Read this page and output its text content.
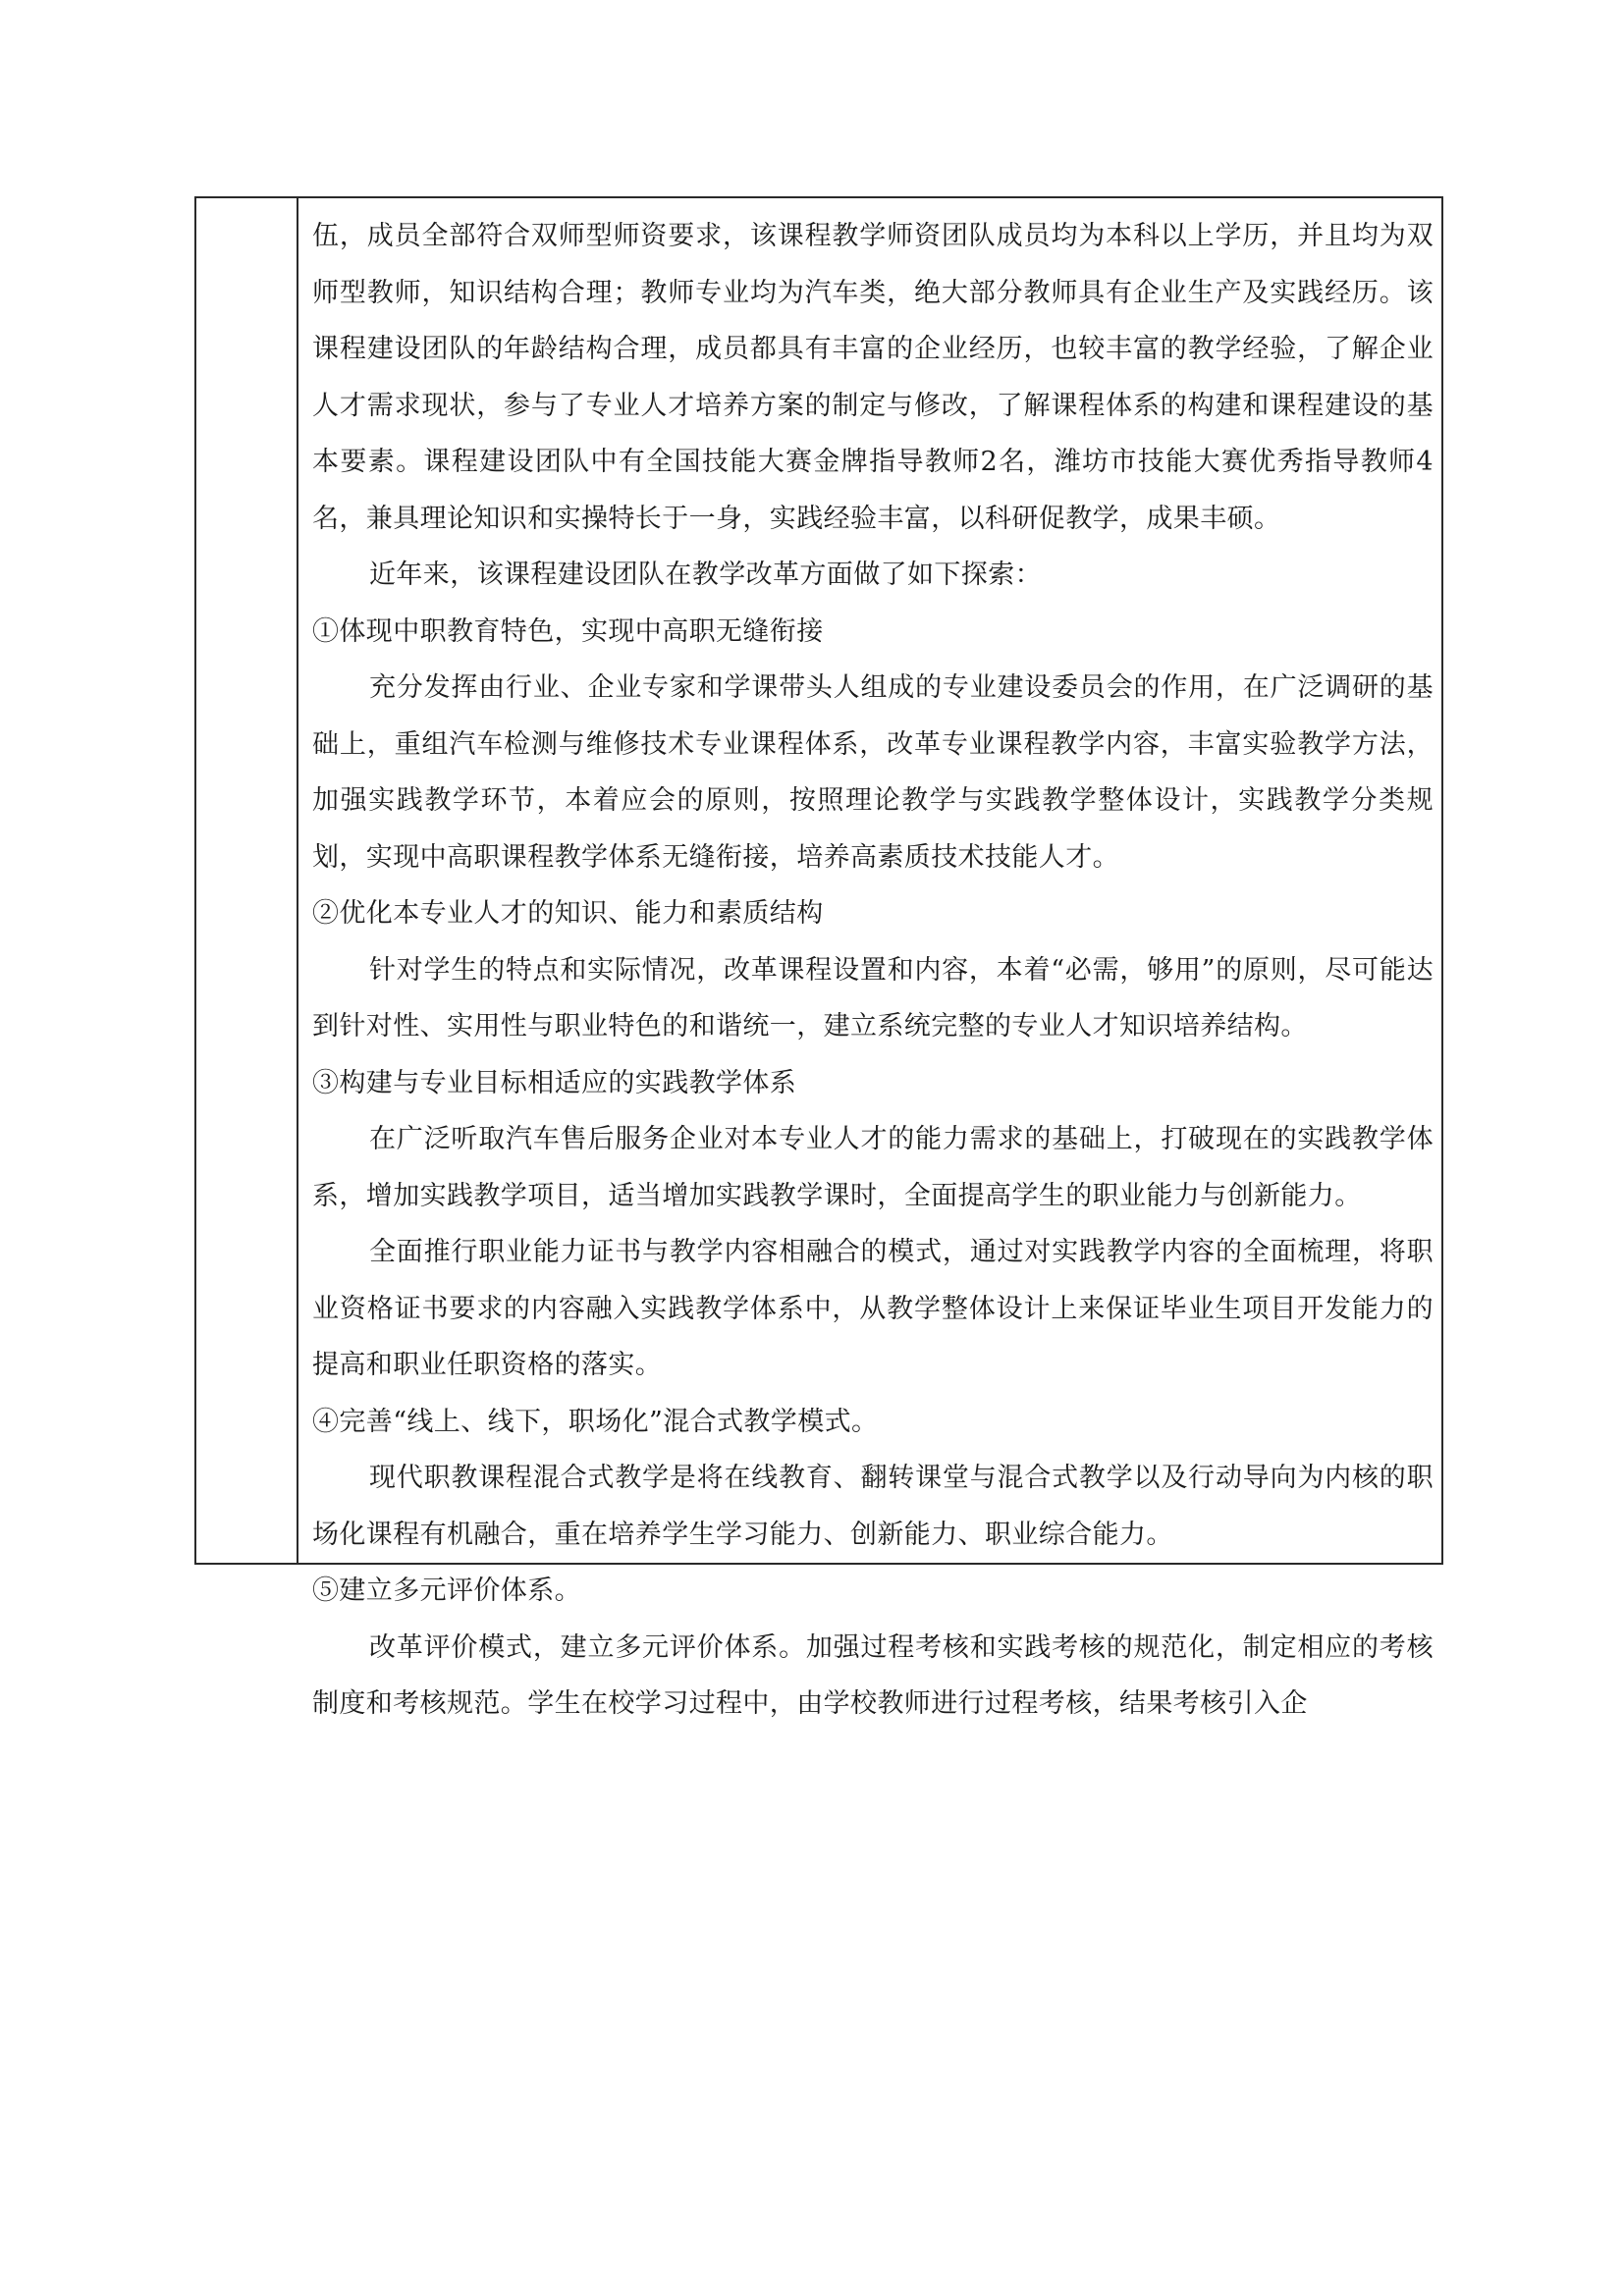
伍，成员全部符合双师型师资要求，该课程教学师资团队成员均为本科以上学历，并且均为双师型教师，知识结构合理；教师专业均为汽车类，绝大部分教师具有企业生产及实践经历。该课程建设团队的年龄结构合理，成员都具有丰富的企业经历，也较丰富的教学经验，了解企业人才需求现状，参与了专业人才培养方案的制定与修改，了解课程体系的构建和课程建设的基本要素。课程建设团队中有全国技能大赛金牌指导教师2名，潍坊市技能大赛优秀指导教师4名，兼具理论知识和实操特长于一身，实践经验丰富，以科研促教学，成果丰硕。

近年来，该课程建设团队在教学改革方面做了如下探索：

①体现中职教育特色，实现中高职无缝衔接

充分发挥由行业、企业专家和学课带头人组成的专业建设委员会的作用，在广泛调研的基础上，重组汽车检测与维修技术专业课程体系，改革专业课程教学内容，丰富实验教学方法，加强实践教学环节，本着应会的原则，按照理论教学与实践教学整体设计，实践教学分类规划，实现中高职课程教学体系无缝衔接，培养高素质技术技能人才。

②优化本专业人才的知识、能力和素质结构

针对学生的特点和实际情况，改革课程设置和内容，本着“必需，够用”的原则，尽可能达到针对性、实用性与职业特色的和谐统一，建立系统完整的专业人才知识培养结构。

③构建与专业目标相适应的实践教学体系

在广泛听取汽车售后服务企业对本专业人才的能力需求的基础上，打破现在的实践教学体系，增加实践教学项目，适当增加实践教学课时，全面提高学生的职业能力与创新能力。

全面推行职业能力证书与教学内容相融合的模式，通过对实践教学内容的全面梳理，将职业资格证书要求的内容融入实践教学体系中，从教学整体设计上来保证毕业生项目开发能力的提高和职业任职资格的落实。

④完善“线上、线下，职场化”混合式教学模式。

现代职教课程混合式教学是将在线教育、翻转课堂与混合式教学以及行动导向为内核的职场化课程有机融合，重在培养学生学习能力、创新能力、职业综合能力。

⑤建立多元评价体系。

改革评价模式，建立多元评价体系。加强过程考核和实践考核的规范化，制定相应的考核制度和考核规范。学生在校学习过程中，由学校教师进行过程考核，结果考核引入企
